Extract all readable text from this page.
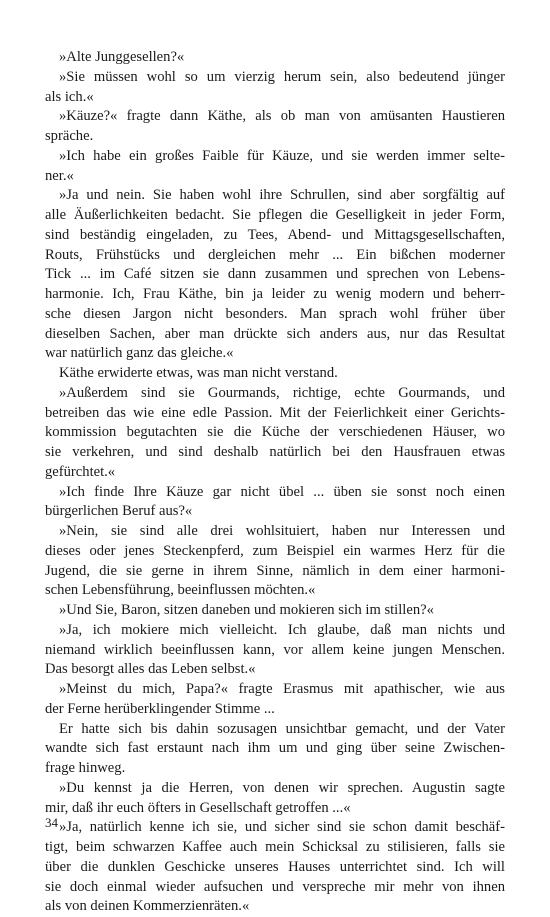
»Alte Junggesellen?«
»Sie müssen wohl so um vierzig herum sein, also bedeutend jünger
als ich.«
»Käuze?« fragte dann Käthe, als ob man von amüsanten Haustieren
spräche.
»Ich habe ein großes Faible für Käuze, und sie werden immer selte-
ner.«
»Ja und nein. Sie haben wohl ihre Schrullen, sind aber sorgfältig auf
alle Äußerlichkeiten bedacht. Sie pflegen die Geselligkeit in jeder Form,
sind beständig eingeladen, zu Tees, Abend- und Mittagsgesellschaften,
Routs, Frühstücks und dergleichen mehr ... Ein bißchen moderner
Tick ... im Café sitzen sie dann zusammen und sprechen von Lebens-
harmonie. Ich, Frau Käthe, bin ja leider zu wenig modern und beherr-
sche diesen Jargon nicht besonders. Man sprach wohl früher über
dieselben Sachen, aber man drückte sich anders aus, nur das Resultat
war natürlich ganz das gleiche.«
Käthe erwiderte etwas, was man nicht verstand.
»Außerdem sind sie Gourmands, richtige, echte Gourmands, und
betreiben das wie eine edle Passion. Mit der Feierlichkeit einer Gerichts-
kommission begutachten sie die Küche der verschiedenen Häuser, wo
sie verkehren, und sind deshalb natürlich bei den Hausfrauen etwas
gefürchtet.«
»Ich finde Ihre Käuze gar nicht übel ... üben sie sonst noch einen
bürgerlichen Beruf aus?«
»Nein, sie sind alle drei wohlsituiert, haben nur Interessen und
dieses oder jenes Steckenpferd, zum Beispiel ein warmes Herz für die
Jugend, die sie gerne in ihrem Sinne, nämlich in dem einer harmoni-
schen Lebensführung, beeinflussen möchten.«
»Und Sie, Baron, sitzen daneben und mokieren sich im stillen?«
»Ja, ich mokiere mich vielleicht. Ich glaube, daß man nichts und
niemand wirklich beeinflussen kann, vor allem keine jungen Menschen.
Das besorgt alles das Leben selbst.«
»Meinst du mich, Papa?« fragte Erasmus mit apathischer, wie aus
der Ferne herüberklingender Stimme ...
Er hatte sich bis dahin sozusagen unsichtbar gemacht, und der Vater
wandte sich fast erstaunt nach ihm um und ging über seine Zwischen-
frage hinweg.
»Du kennst ja die Herren, von denen wir sprechen. Augustin sagte
mir, daß ihr euch öfters in Gesellschaft getroffen ...«
»Ja, natürlich kenne ich sie, und sicher sind sie schon damit beschäf-
tigt, beim schwarzen Kaffee auch mein Schicksal zu stilisieren, falls sie
über die dunklen Geschicke unseres Hauses unterrichtet sind. Ich will
sie doch einmal wieder aufsuchen und verspreche mir mehr von ihnen
als von deinen Kommerzienräten.«
34
